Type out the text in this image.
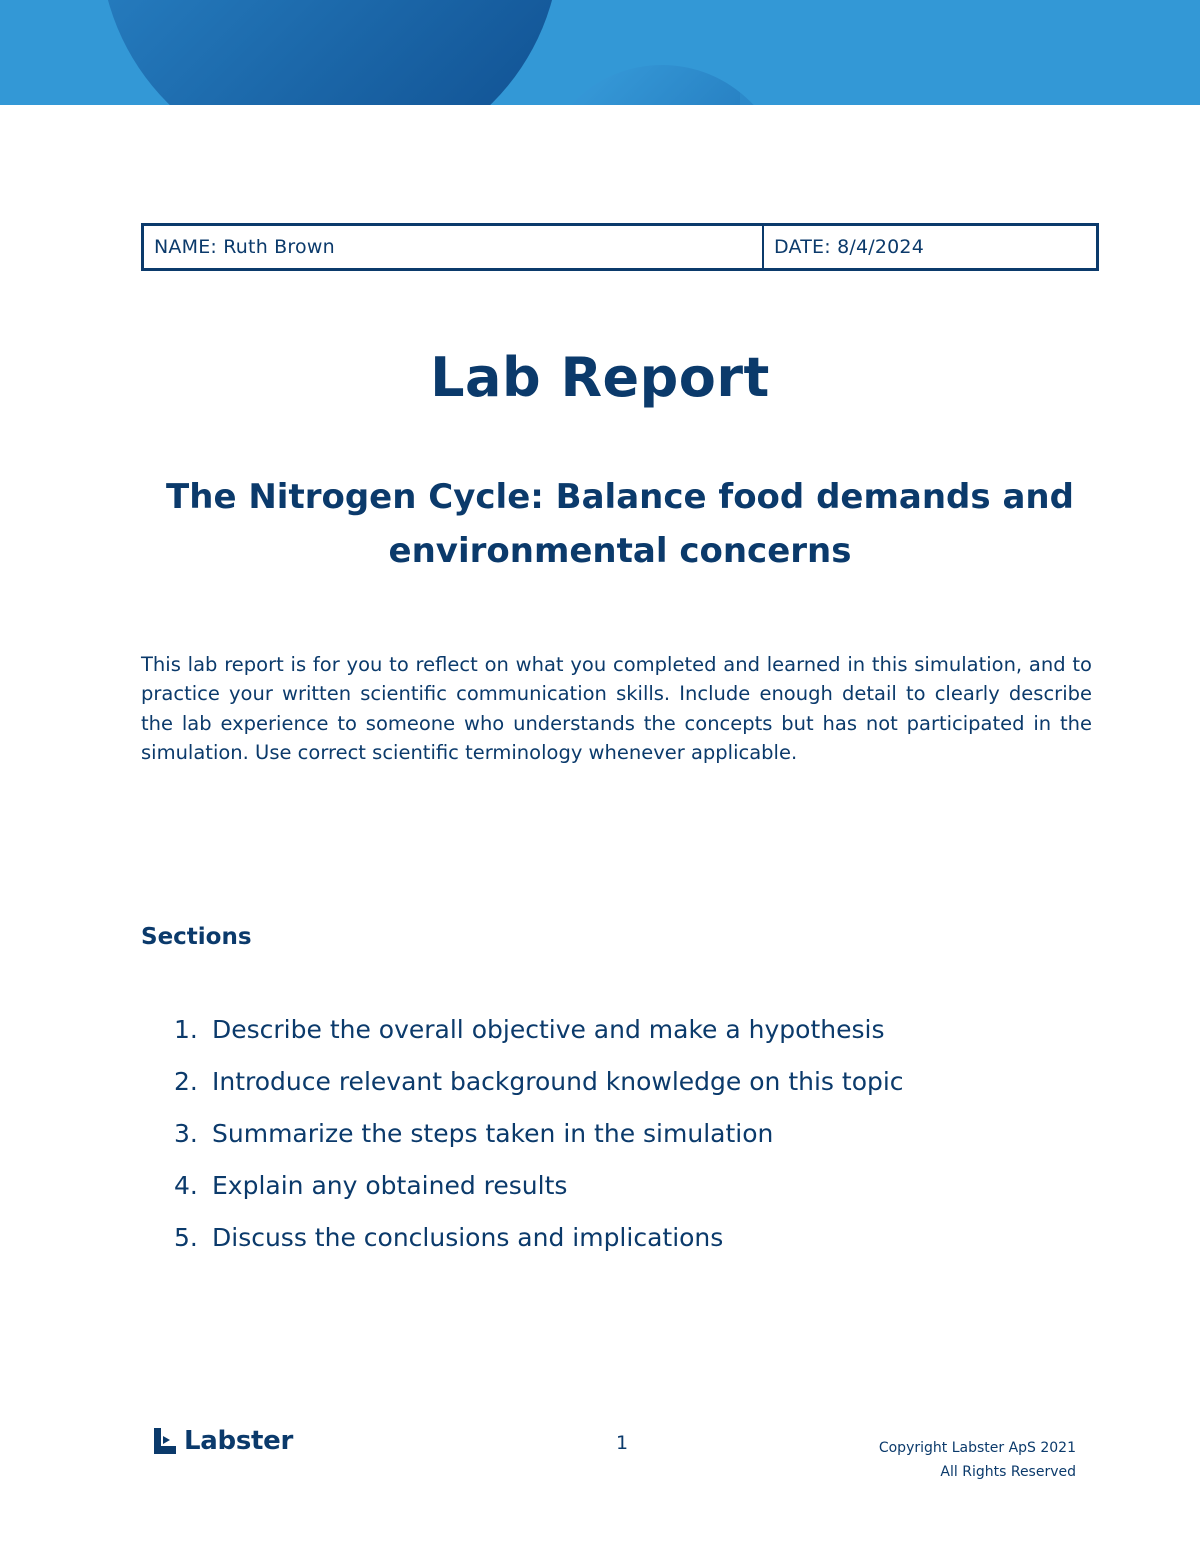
NAME: Ruth Brown	DATE: 8/4/2024
Lab Report
The Nitrogen Cycle: Balance food demands and environmental concerns

This lab report is for you to reflect on what you completed and learned in this simulation, and to practice your written scientific communication skills. Include enough detail to clearly describe the lab experience to someone who understands the concepts but has not participated in the simulation. Use correct scientific terminology whenever applicable.

Sections
1. Describe the overall objective and make a hypothesis
2. Introduce relevant background knowledge on this topic
3. Summarize the steps taken in the simulation
4. Explain any obtained results
5. Discuss the conclusions and implications
Labster	1	Copyright Labster ApS 2021
All Rights Reserved
